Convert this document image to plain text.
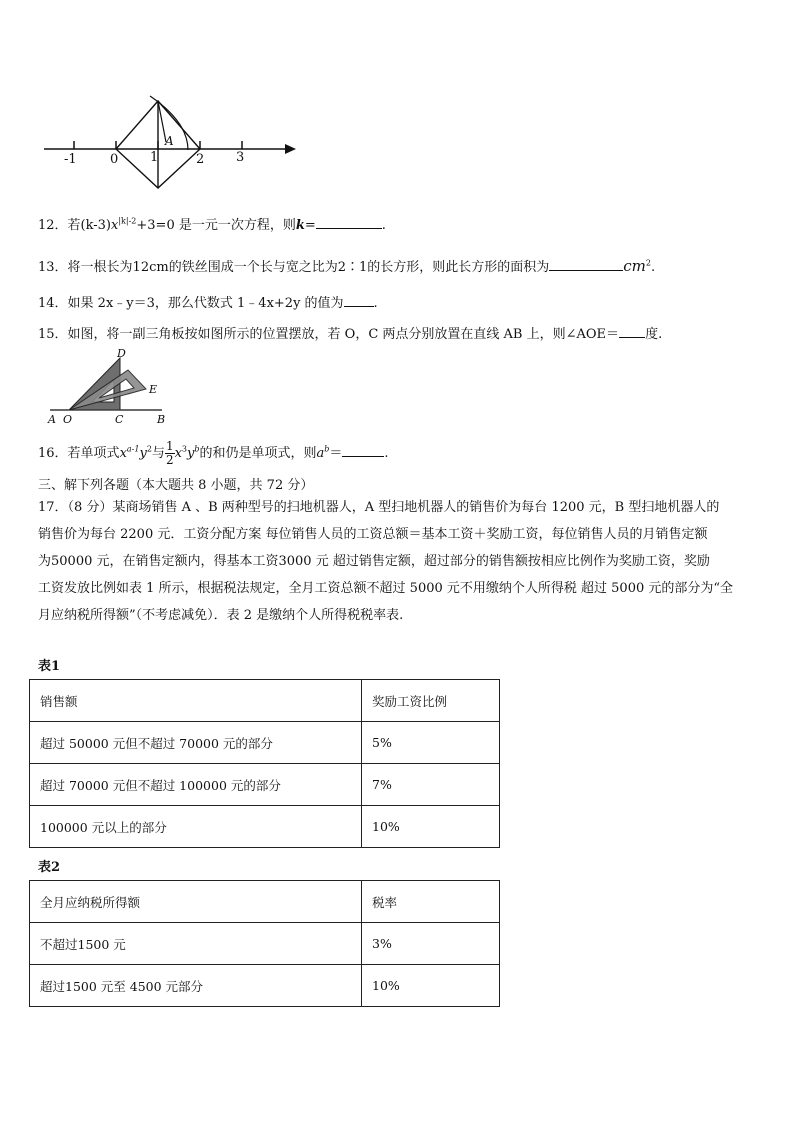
-1	0 1	2 3
A
12．若$(k-3)x^{|k|-2}+3=0$ 是一元一次方程，则k=	.
13．将一根长为12cm的铁丝围成一个长与宽之比为2∶1的长方形，则此长方形的面积为	$cm^2$.
14．如果 2x﹣y＝3，那么代数式 1﹣4x+2y 的值为 .
15．如图，将一副三角板按如图所示的位置摆放，若 O，C 两点分别放置在直线 AB 上，则∠AOE＝ 度.
D
E
A O	C	B
16．若单项式$x^{a-1}y^2$与 $\frac{1}{2} x^3y^b$的和仍是单项式，则$a^b=$	.
三、解下列各题（本大题共 8 小题，共 72 分）
17．（8 分）某商场销售 A 、B 两种型号的扫地机器人，A 型扫地机器人的销售价为每台 1200 元，B 型扫地机器人的
销售价为每台 2200 元．工资分配方案 每位销售人员的工资总额＝基本工资＋奖励工资，每位销售人员的月销售定额
为50000 元，在销售定额内，得基本工资3000 元 超过销售定额，超过部分的销售额按相应比例作为奖励工资，奖励
工资发放比例如表 1 所示，根据税法规定，全月工资总额不超过 5000 元不用缴纳个人所得税 超过 5000 元的部分为“全
月应纳税所得额”（不考虑减免）．表 2 是缴纳个人所得税税率表.
表1
销售额	奖励工资比例
超过 50000 元但不超过 70000 元的部分	5%
超过 70000 元但不超过 100000 元的部分	7%
100000 元以上的部分	10%
表2
全月应纳税所得额	税率
不超过1500 元	3%
超过1500 元至 4500 元部分	10%
